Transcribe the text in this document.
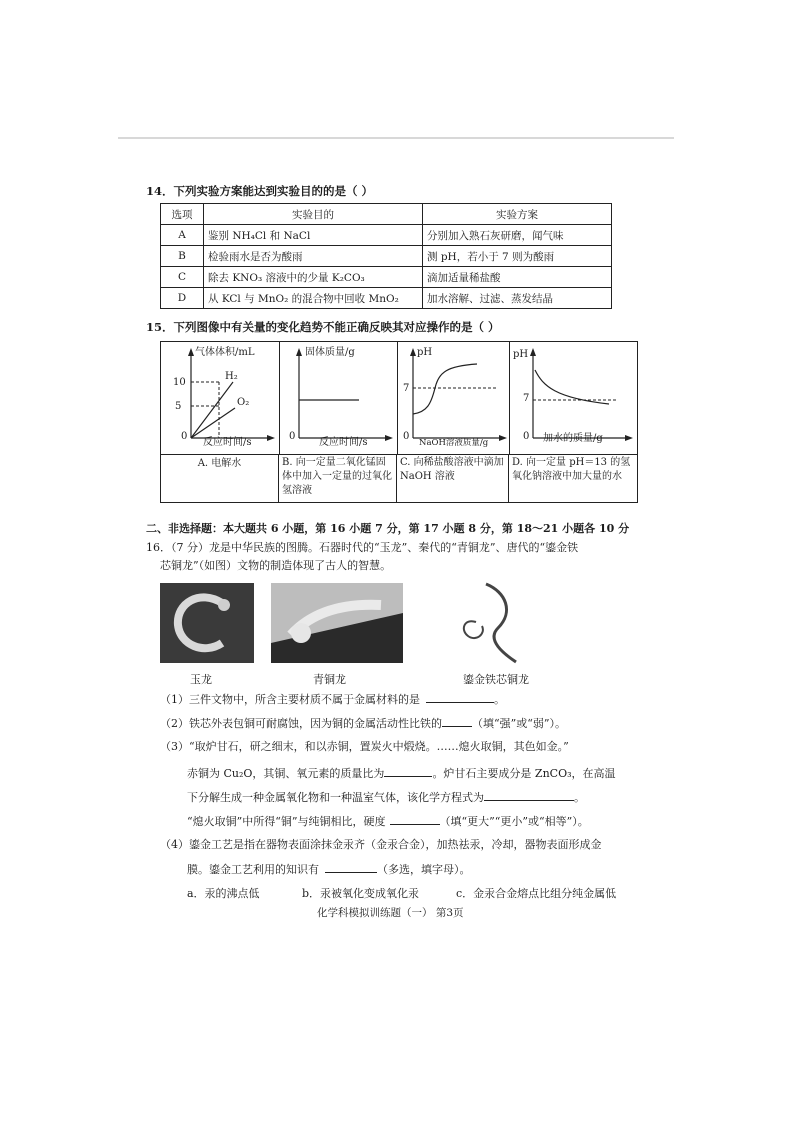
14．下列实验方案能达到实验目的的是（ ）
选项	实验目的	实验方案
A	鉴别 NH₄Cl 和 NaCl	分别加入熟石灰研磨，闻气味
B	检验雨水是否为酸雨	测 pH，若小于 7 则为酸雨
C	除去 KNO₃ 溶液中的少量 K₂CO₃	滴加适量稀盐酸
D	从 KCl 与 MnO₂ 的混合物中回收 MnO₂	加水溶解、过滤、蒸发结晶
15．下列图像中有关量的变化趋势不能正确反映其对应操作的是（ ）
气体体积/mL
10
5
0
H₂
O₂
反应时间/s
固体质量/g
0
反应时间/s
pH
7
0
NaOH溶液质量/g
pH
7
0 加水的质量/g
A. 电解水	B. 向一定量二氧化锰固体中加入一定量的过氧化氢溶液
C. 向稀盐酸溶液中滴加 NaOH 溶液
D. 向一定量 pH＝13 的氢氧化钠溶液中加大量的水
二、非选择题：本大题共 6 小题，第 16 小题 7 分，第 17 小题 8 分，第 18～21 小题各 10 分
16．（7 分）龙是中华民族的图腾。石器时代的“玉龙”、秦代的“青铜龙”、唐代的“鎏金铁
芯铜龙”（如图）文物的制造体现了古人的智慧。
玉龙	青铜龙	鎏金铁芯铜龙
（1）三件文物中，所含主要材质不属于金属材料的是	。
（2）铁芯外表包铜可耐腐蚀，因为铜的金属活动性比铁的	（填“强”或“弱”）。
（3）“取炉甘石，研之细末，和以赤铜，置炭火中煅烧。……熄火取铜，其色如金。”
赤铜为 Cu₂O，其铜、氧元素的质量比为	。炉甘石主要成分是 ZnCO₃，在高温
下分解生成一种金属氧化物和一种温室气体，该化学方程式为	。
“熄火取铜”中所得“铜”与纯铜相比，硬度	（填“更大”“更小”或“相等”）。
（4）鎏金工艺是指在器物表面涂抹金汞齐（金汞合金），加热祛汞，冷却，器物表面形成金
膜。鎏金工艺利用的知识有	（多选，填字母）。
a．汞的沸点低	b．汞被氧化变成氧化汞	c．金汞合金熔点比组分纯金属低
化学科模拟训练题（一） 第3页
